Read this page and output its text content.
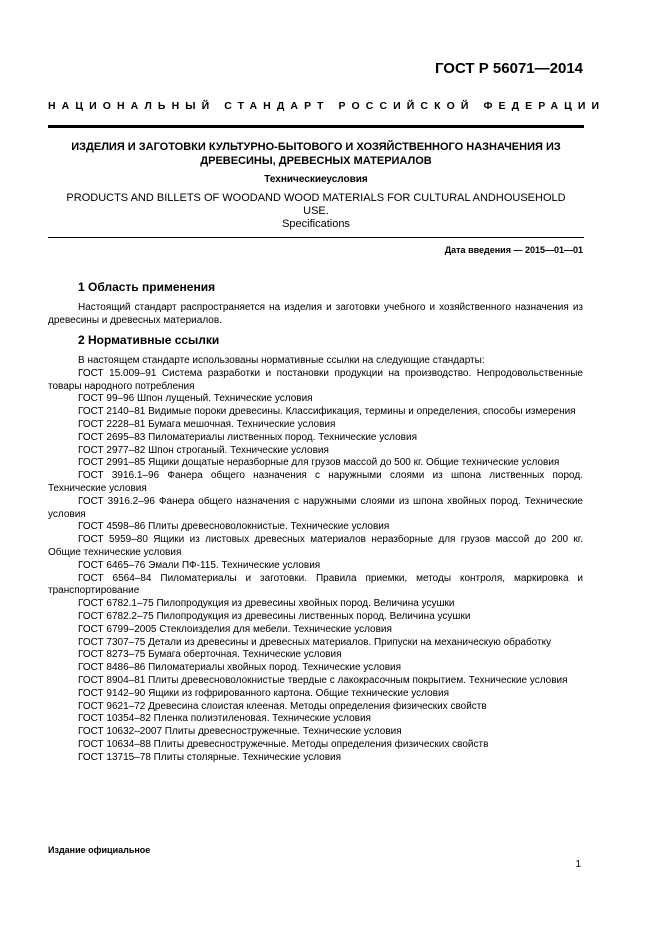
ГОСТ Р 56071—2014
НАЦИОНАЛЬНЫЙ СТАНДАРТ РОССИЙСКОЙ ФЕДЕРАЦИИ
ИЗДЕЛИЯ И ЗАГОТОВКИ КУЛЬТУРНО-БЫТОВОГО И ХОЗЯЙСТВЕННОГО НАЗНАЧЕНИЯ ИЗ ДРЕВЕСИНЫ, ДРЕВЕСНЫХ МАТЕРИАЛОВ
Техническиеусловия
PRODUCTS AND BILLETS OF WOODAND WOOD MATERIALS FOR CULTURAL ANDHOUSEHOLD USE.
Specifications
Дата введения — 2015—01—01
1 Область применения
Настоящий стандарт распространяется на изделия и заготовки учебного и хозяйственного назначения из древесины и древесных материалов.
2 Нормативные ссылки
В настоящем стандарте использованы нормативные ссылки на следующие стандарты:
ГОСТ 15.009–91 Система разработки и постановки продукции на производство. Непродовольственные товары народного потребления
ГОСТ 99–96 Шпон лущеный. Технические условия
ГОСТ 2140–81 Видимые пороки древесины. Классификация, термины и определения, способы измерения
ГОСТ 2228–81 Бумага мешочная. Технические условия
ГОСТ 2695–83 Пиломатериалы лиственных пород. Технические условия
ГОСТ 2977–82 Шпон строганый. Технические условия
ГОСТ 2991–85 Ящики дощатые неразборные для грузов массой до 500 кг. Общие технические условия
ГОСТ 3916.1–96 Фанера общего назначения с наружными слоями из шпона лиственных пород. Технические условия
ГОСТ 3916.2–96 Фанера общего назначения с наружными слоями из шпона хвойных пород. Технические условия
ГОСТ 4598–86 Плиты древесноволокнистые. Технические условия
ГОСТ 5959–80 Ящики из листовых древесных материалов неразборные для грузов массой до 200 кг. Общие технические условия
ГОСТ 6465–76 Эмали ПФ-115. Технические условия
ГОСТ 6564–84 Пиломатериалы и заготовки. Правила приемки, методы контроля, маркировка и транспортирование
ГОСТ 6782.1–75 Пилопродукция из древесины хвойных пород. Величина усушки
ГОСТ 6782.2–75 Пилопродукция из древесины лиственных пород. Величина усушки
ГОСТ 6799–2005 Стеклоизделия для мебели. Технические условия
ГОСТ 7307–75 Детали из древесины и древесных материалов. Припуски на механическую обработку
ГОСТ 8273–75 Бумага оберточная. Технические условия
ГОСТ 8486–86 Пиломатериалы хвойных пород. Технические условия
ГОСТ 8904–81 Плиты древесноволокнистые твердые с лакокрасочным покрытием. Технические условия
ГОСТ 9142–90 Ящики из гофрированного картона. Общие технические условия
ГОСТ 9621–72 Древесина слоистая клееная. Методы определения физических свойств
ГОСТ 10354–82 Пленка полиэтиленовая. Технические условия
ГОСТ 10632–2007 Плиты древесностружечные. Технические условия
ГОСТ 10634–88 Плиты древесностружечные. Методы определения физических свойств
ГОСТ 13715–78 Плиты столярные. Технические условия
Издание официальное
1
